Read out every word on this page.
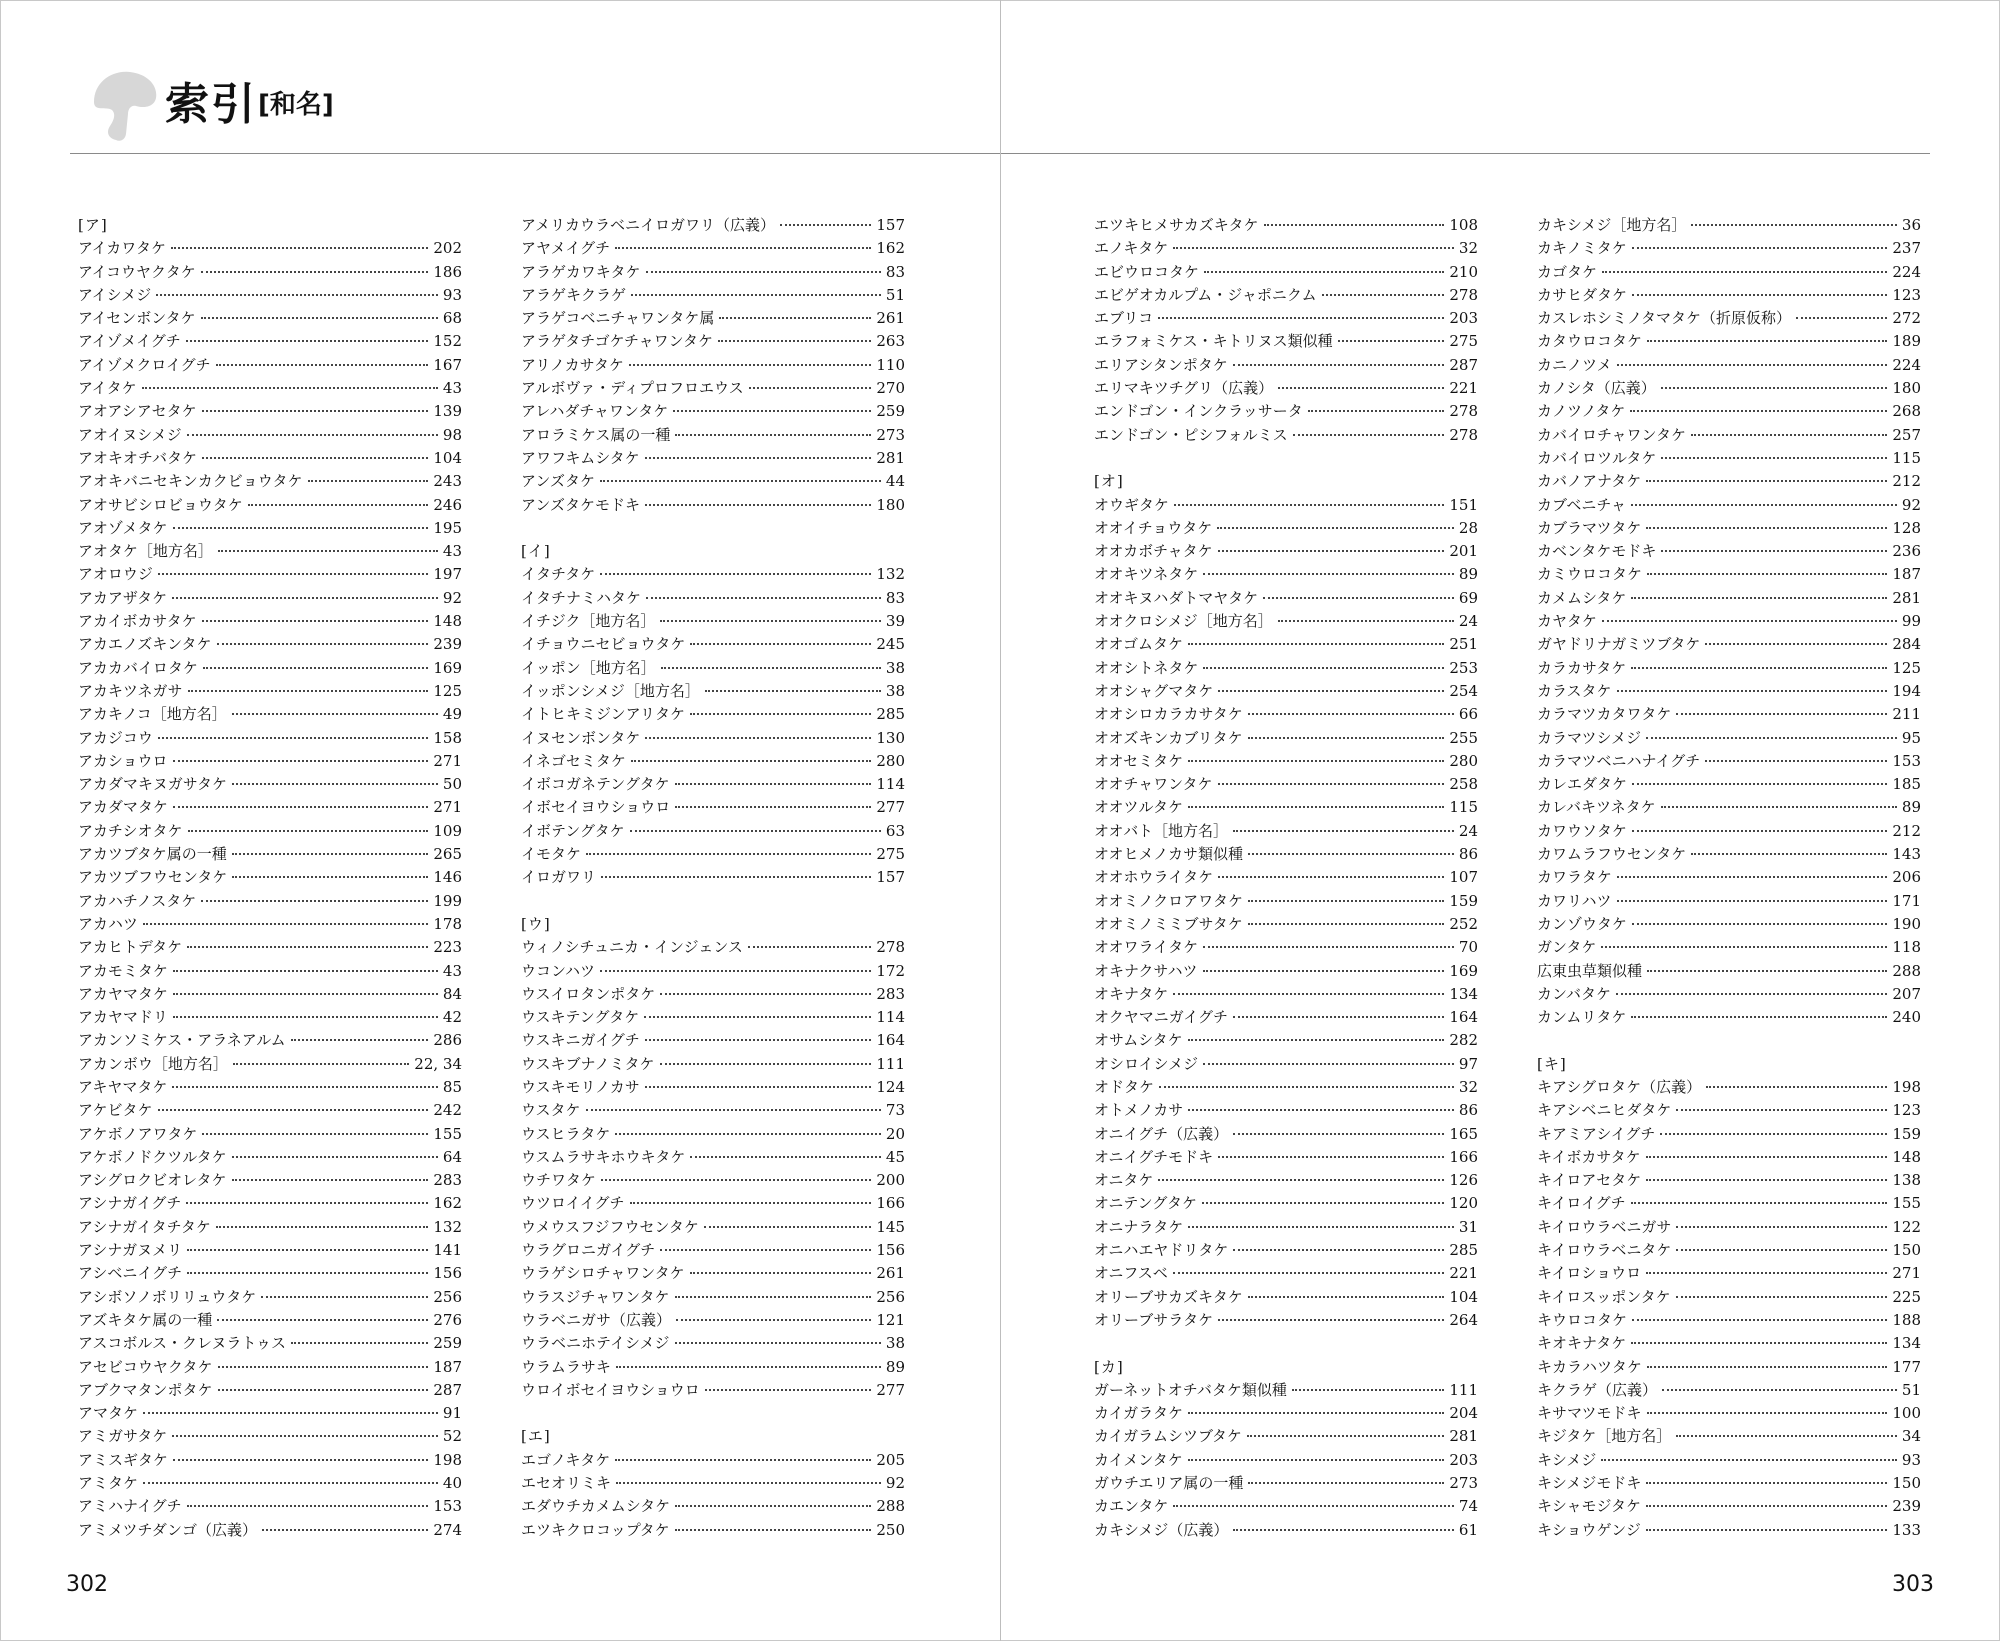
索引 [和名]
[ア]
アイカワタケ	202
アイコウヤクタケ	186
アイシメジ	93
アイセンボンタケ	68
アイゾメイグチ	152
アイゾメクロイグチ	167
アイタケ	43
アオアシアセタケ	139
アオイヌシメジ	98
アオキオチバタケ	104
アオキバニセキンカクビョウタケ	243
アオサビシロビョウタケ	246
アオゾメタケ	195
アオタケ［地方名］	43
アオロウジ	197
アカアザタケ	92
アカイボカサタケ	148
アカエノズキンタケ	239
アカカバイロタケ	169
アカキツネガサ	125
アカキノコ［地方名］	49
アカジコウ	158
アカショウロ	271
アカダマキヌガサタケ	50
アカダマタケ	271
アカチシオタケ	109
アカツブタケ属の一種	265
アカツブフウセンタケ	146
アカハチノスタケ	199
アカハツ	178
アカヒトデタケ	223
アカモミタケ	43
アカヤマタケ	84
アカヤマドリ	42
アカンソミケス・アラネアルム	286
アカンボウ［地方名］	22, 34
アキヤマタケ	85
アケビタケ	242
アケボノアワタケ	155
アケボノドクツルタケ	64
アシグロクビオレタケ	283
アシナガイグチ	162
アシナガイタチタケ	132
アシナガヌメリ	141
アシベニイグチ	156
アシボソノボリリュウタケ	256
アズキタケ属の一種	276
アスコボルス・クレヌラトゥス	259
アセビコウヤクタケ	187
アブクマタンポタケ	287
アマタケ	91
アミガサタケ	52
アミスギタケ	198
アミタケ	40
アミハナイグチ	153
アミメツチダンゴ（広義）	274
アメリカウラベニイロガワリ（広義）	157
アヤメイグチ	162
アラゲカワキタケ	83
アラゲキクラゲ	51
アラゲコベニチャワンタケ属	261
アラゲタチゴケチャワンタケ	263
アリノカサタケ	110
アルボヴァ・ディプロフロエウス	270
アレハダチャワンタケ	259
アロラミケス属の一種	273
アワフキムシタケ	281
アンズタケ	44
アンズタケモドキ	180
[イ]
イタチタケ	132
イタチナミハタケ	83
イチジク［地方名］	39
イチョウニセビョウタケ	245
イッポン［地方名］	38
イッポンシメジ［地方名］	38
イトヒキミジンアリタケ	285
イヌセンボンタケ	130
イネゴセミタケ	280
イボコガネテングタケ	114
イボセイヨウショウロ	277
イボテングタケ	63
イモタケ	275
イロガワリ	157
[ウ]
ウィノシチュニカ・インジェンス	278
ウコンハツ	172
ウスイロタンポタケ	283
ウスキテングタケ	114
ウスキニガイグチ	164
ウスキブナノミタケ	111
ウスキモリノカサ	124
ウスタケ	73
ウスヒラタケ	20
ウスムラサキホウキタケ	45
ウチワタケ	200
ウツロイイグチ	166
ウメウスフジフウセンタケ	145
ウラグロニガイグチ	156
ウラゲシロチャワンタケ	261
ウラスジチャワンタケ	256
ウラベニガサ（広義）	121
ウラベニホテイシメジ	38
ウラムラサキ	89
ウロイボセイヨウショウロ	277
[エ]
エゴノキタケ	205
エセオリミキ	92
エダウチカメムシタケ	288
エツキクロコップタケ	250
エツキヒメサカズキタケ	108
エノキタケ	32
エビウロコタケ	210
エビゲオカルプム・ジャポニクム	278
エブリコ	203
エラフォミケス・キトリヌス類似種	275
エリアシタンポタケ	287
エリマキツチグリ（広義）	221
エンドゴン・インクラッサータ	278
エンドゴン・ピシフォルミス	278
[オ]
オウギタケ	151
オオイチョウタケ	28
オオカボチャタケ	201
オオキツネタケ	89
オオキヌハダトマヤタケ	69
オオクロシメジ［地方名］	24
オオゴムタケ	251
オオシトネタケ	253
オオシャグマタケ	254
オオシロカラカサタケ	66
オオズキンカブリタケ	255
オオセミタケ	280
オオチャワンタケ	258
オオツルタケ	115
オオバト［地方名］	24
オオヒメノカサ類似種	86
オオホウライタケ	107
オオミノクロアワタケ	159
オオミノミミブサタケ	252
オオワライタケ	70
オキナクサハツ	169
オキナタケ	134
オクヤマニガイグチ	164
オサムシタケ	282
オシロイシメジ	97
オドタケ	32
オトメノカサ	86
オニイグチ（広義）	165
オニイグチモドキ	166
オニタケ	126
オニテングタケ	120
オニナラタケ	31
オニハエヤドリタケ	285
オニフスベ	221
オリーブサカズキタケ	104
オリーブサラタケ	264
[カ]
ガーネットオチバタケ類似種	111
カイガラタケ	204
カイガラムシツブタケ	281
カイメンタケ	203
ガウチエリア属の一種	273
カエンタケ	74
カキシメジ（広義）	61
カキシメジ［地方名］	36
カキノミタケ	237
カゴタケ	224
カサヒダタケ	123
カスレホシミノタマタケ（折原仮称）	272
カタウロコタケ	189
カニノツメ	224
カノシタ（広義）	180
カノツノタケ	268
カバイロチャワンタケ	257
カバイロツルタケ	115
カバノアナタケ	212
カブベニチャ	92
カブラマツタケ	128
カベンタケモドキ	236
カミウロコタケ	187
カメムシタケ	281
カヤタケ	99
ガヤドリナガミツブタケ	284
カラカサタケ	125
カラスタケ	194
カラマツカタワタケ	211
カラマツシメジ	95
カラマツベニハナイグチ	153
カレエダタケ	185
カレバキツネタケ	89
カワウソタケ	212
カワムラフウセンタケ	143
カワラタケ	206
カワリハツ	171
カンゾウタケ	190
ガンタケ	118
広東虫草類似種	288
カンバタケ	207
カンムリタケ	240
[キ]
キアシグロタケ（広義）	198
キアシベニヒダタケ	123
キアミアシイグチ	159
キイボカサタケ	148
キイロアセタケ	138
キイロイグチ	155
キイロウラベニガサ	122
キイロウラベニタケ	150
キイロショウロ	271
キイロスッポンタケ	225
キウロコタケ	188
キオキナタケ	134
キカラハツタケ	177
キクラゲ（広義）	51
キサマツモドキ	100
キジタケ［地方名］	34
キシメジ	93
キシメジモドキ	150
キシャモジタケ	239
キショウゲンジ	133
302	303
